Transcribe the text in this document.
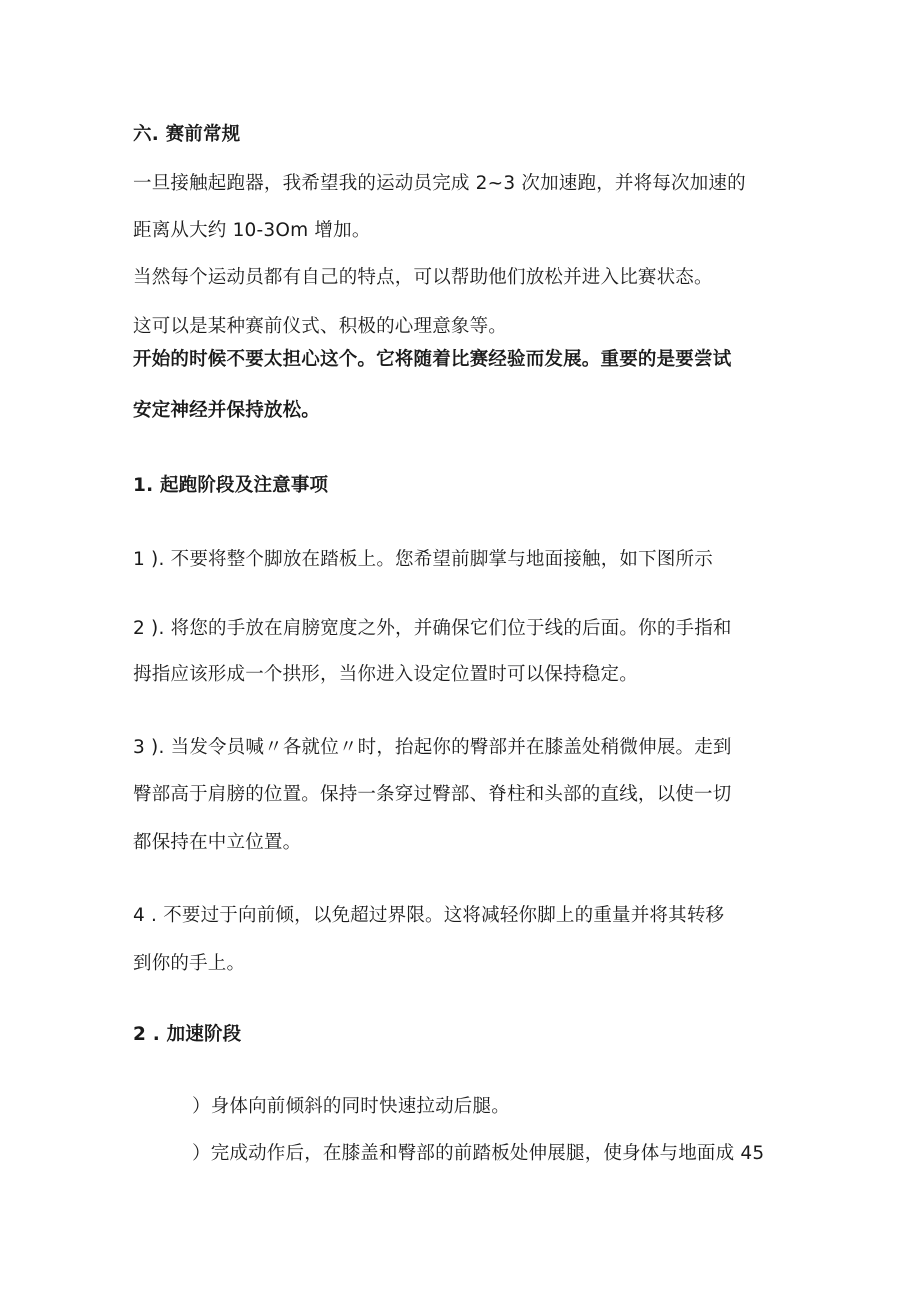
六. 赛前常规
一旦接触起跑器，我希望我的运动员完成 2~3 次加速跑，并将每次加速的
距离从大约 10-3Om 增加。
当然每个运动员都有自己的特点，可以帮助他们放松并进入比赛状态。
这可以是某种赛前仪式、积极的心理意象等。
开始的时候不要太担心这个。它将随着比赛经验而发展。重要的是要尝试
安定神经并保持放松。
1. 起跑阶段及注意事项
1 ). 不要将整个脚放在踏板上。您希望前脚掌与地面接触，如下图所示
2 ). 将您的手放在肩膀宽度之外，并确保它们位于线的后面。你的手指和
拇指应该形成一个拱形，当你进入设定位置时可以保持稳定。
3 ). 当发令员喊〃各就位〃时，抬起你的臀部并在膝盖处稍微伸展。走到
臀部高于肩膀的位置。保持一条穿过臀部、脊柱和头部的直线，以使一切
都保持在中立位置。
4 . 不要过于向前倾，以免超过界限。这将减轻你脚上的重量并将其转移
到你的手上。
2 . 加速阶段
）身体向前倾斜的同时快速拉动后腿。
）完成动作后，在膝盖和臀部的前踏板处伸展腿，使身体与地面成 45
